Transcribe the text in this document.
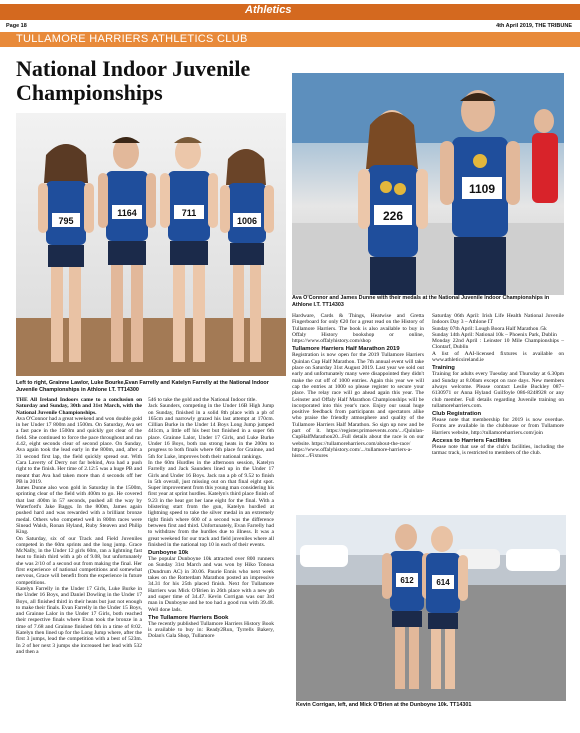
Athletics
Page 18	4th April 2019, THE TRIBUNE
TULLAMORE HARRIERS ATHLETICS CLUB
National Indoor Juvenile Championships
795
1164	711
1006
Left to right, Grainne Lawlor, Luke Bourke,Evan Farrelly and Katelyn Farrelly at the National Indoor Juvenile Championships in Athlone I.T. TT14300
226
1109
Ava O'Connor and James Dunne with their medals at the National Juvenile Indoor Championships in Athlone I.T. TT14303
612	614
Kevin Corrigan, left, and Mick O'Brien at the Dunboyne 10k. TT14301

THE All Ireland Indoors came to a conclusion on Saturday and Sunday, 30th and 31st March, with the National Juvenile Championships.

Ava O'Connor had a great weekend and won double gold in her Under 17 800m and 1500m. On Saturday, Ava set a fast pace in the 1500m and quickly got clear of the field. She continued to force the pace throughout and ran 4.42, eight seconds clear of second place. On Sunday, Ava again took the lead early in the 800m, and, after a 31 second first lap, the field quickly spread out. With Cara Laverty of Derry not far behind, Ava had a push right to the finish. Her time of 2.12:5 was a huge PB and meant that Ava had taken more than 4 seconds off her PB in 2019.

James Dunne also won gold in Saturday in the 1500m, sprinting clear of the field with 400m to go. He covered that last 400m in 57 seconds, pushed all the way by Waterford's Jake Baggs. In the 800m, James again pushed hard and was rewarded with a brilliant bronze medal. Others who competed well in 800m races were Sinead Walsh, Ronan Hyland, Ruby Steaven and Philip King.

On Saturday, six of our Track and Field Juveniles competed in the 60m sprints and the long jump. Grace McNally, in the Under 12 girls 60m, ran a lightning fast heat to finish third with a pb of 9.08, but unfortunately she was 2/10 of a second out from making the final. Her first experience of national competitions and somewhat nervous, Grace will benefit from the experience in future competitions.

Katelyn Farrelly in the Under 17 Girls, Luke Burke in the Under 16 Boys, and Daniel Dowling in the Under 17 Boys, all finished third in their heats but just not enough to make their finals. Evan Farrelly in the Under 15 Boys, and Grainne Lalor in the Under 17 Girls, both reached their respective finals where Evan took the bronze in a time of 7.68 and Grainne finished 6th in a time of 8:02. Katelyn then lined up for the Long Jump where, after the first 3 jumps, lead the competition with a best of 523m. In 2 of her next 3 jumps she increased her lead with 532 and then a

546 to take the gold and the National Indoor title.

Jack Saunders, competing in the Under 16B High Jump on Sunday, finished in a solid 8th place with a pb of 165cm and narrowly grazed his last attempt at 170cm. Cillian Burke in the Under 14 Boys Long Jump jumped 441cm, a little off his best but finished in a super 6th place. Grainne Lalor, Under 17 Girls, and Luke Burke Under 16 Boys, both ran strong heats in the 200m to progress to both finals where 6th place for Grainne, and 5th for Luke, improves both their national rankings.

In the 60m Hurdles in the afternoon session, Katelyn Farrelly and Jack Saunders lined up in the Under 17 Girls and Under 16 Boys. Jack ran a pb of 9.52 to finish in 5th overall, just missing out on that final eight spot. Super improvement from this young man considering his first year at sprint hurdles. Katelyn's third place finish of 9.23 in the heat got her lane eight for the final. With a blistering start from the gun, Katelyn hurdled at lightning speed to take the silver medal in an extremely tight finish where 600 of a second was the difference between first and third. Unfortunately, Evan Farrelly had to withdraw from the hurdles due to illness. It was a great weekend for our track and field juveniles where all finished in the national top 10 in each of their events.

Dunboyne 10k

The popular Dunboyne 10k attracted over 800 runners on Sunday 31st March and was won by Hiko Tonosa (Dundrum AC) in 30.06. Paurie Ennis who next week takes on the Rotterdam Marathon posted an impressive 34.31 for his 25th placed finish. Next for Tullamore Harriers was Mick O'Brien in 26th place with a new pb and super time of 34.47. Kevin Corrigan was our 3rd man in Dunboyne and he too had a good run with 39.48. Well done lads.

The Tullamore Harriers Book

The recently published Tullamore Harriers History Book is available to buy in: Ready2Run, Tyrrells Bakery, Dolan's Gala Shop, Tullamore

Hardware, Cards & Things, Heatwise and Gretta Fingerboard for only €20 for a great read on the History of Tullamore Harriers. The book is also available to buy in Offaly History bookshop or online, https://www.offalyhistory.com/shop

Tullamore Harriers Half Marathon 2019

Registration is now open for the 2019 Tullamore Harriers Quinlan Cup Half Marathon. The 7th annual event will take place on Saturday 31st August 2019. Last year we sold out early and unfortunately many were disappointed they didn't make the cut off of 1000 entries. Again this year we will cap the entries at 1000 so please register to secure your place. The relay race will go ahead again this year. The Leinster and Offaly Half Marathon Championships will be incorporated into this year's race. Enjoy our usual huge positive feedback from participants and spectators alike who praise the friendly atmosphere and quality of the Tullamore Harriers Half Marathon. So sign up now and be part of it. https://register.primoevents.com/.../Quinlan-CupHalfMarathon20...Full details about the race is on our website. https://tullamoreharriers.com/about-the-race/

https://www.offalyhistory.com/.../tullamore-harriers-a-histor.../Fixtures

Saturday 06th April: Irish Life Health National Juvenile Indoors Day 3 – Athlone IT

Sunday 07th April: Lough Boora Half Marathon /5k

Sunday 14th April: National 10k – Phoenix Park, Dublin

Monday 22nd April : Leinster 10 Mile Championships – Clontarf, Dublin

A list of AAI-licensed fixtures is available on www.athleticsireland.ie

Training

Training for adults every Tuesday and Thursday at 6.30pm and Sunday at 8.00am except on race days. New members always welcome. Please contact Leslie Buckley 087–6130971 or Anna Hyland Guilfoyle 086-8248928 or any club member. Full details regarding Juvenile training on tullamoreharriers.com.

Club Registration

Please note that membership for 2019 is now overdue. Forms are available in the clubhouse or from Tullamore Harriers website, http://tullamoreharriers.com/join

Access to Harriers Facilities

Please note that use of the club's facilities, including the tarmac track, is restricted to members of the club.
